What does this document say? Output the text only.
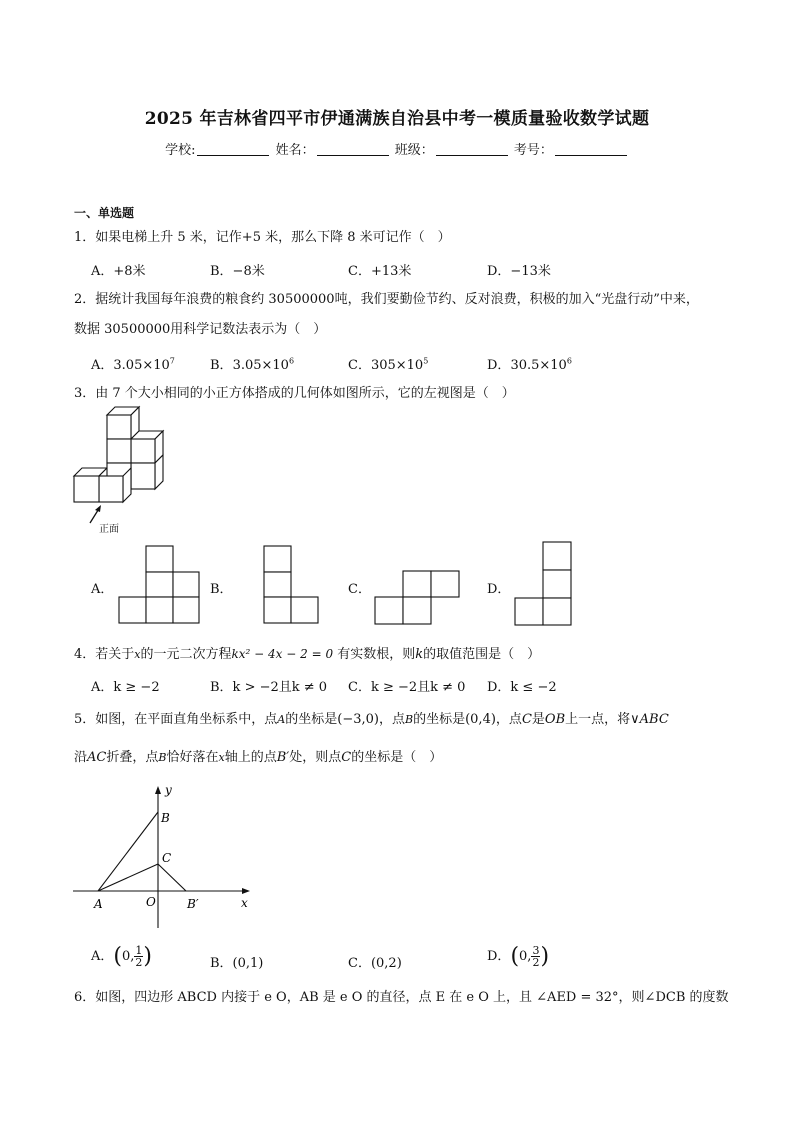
2025 年吉林省四平市伊通满族自治县中考一模质量验收数学试题
学校:	姓名：	班级：	考号：
一、单选题
1．如果电梯上升 5 米，记作+5 米，那么下降 8 米可记作（　）
A．+8米	B．−8米	C．+13米	D．−13米
2．据统计我国每年浪费的粮食约 30500000吨，我们要勤俭节约、反对浪费，积极的加入“光盘行动”中来，
数据 30500000用科学记数法表示为（　）
A．$3.05\times 10^7$	B．$3.05\times 10^6$	C．$305\times 10^5$	D．$30.5\times 10^6$
3．由 7 个大小相同的小正方体搭成的几何体如图所示，它的左视图是（　）
正面
A．	B．	C．	D．
4．若关于x的一元二次方程kx² − 4x − 2 = 0 有实数根，则k的取值范围是（　）
A．k ≥ −2	B．k > −2且k ≠ 0 C．k ≥ −2且k ≠ 0 D．k ≤ −2
5．如图，在平面直角坐标系中，点A的坐标是(−3,0)，点B的坐标是(0,4)，点C是OB上一点，将∨ABC
沿AC折叠，点B恰好落在x轴上的点B′处，则点C的坐标是（　）
y
B
C
A	O	B′	x
A．(0, $\frac{1}{2}$ )	B．(0,1)	C．(0,2)	D．(0, $\frac{3}{2}$ )
6．如图，四边形 ABCD 内接于 e O，AB 是 e O 的直径，点 E 在 e O 上，且 ∠AED = 32°，则∠DCB 的度数
